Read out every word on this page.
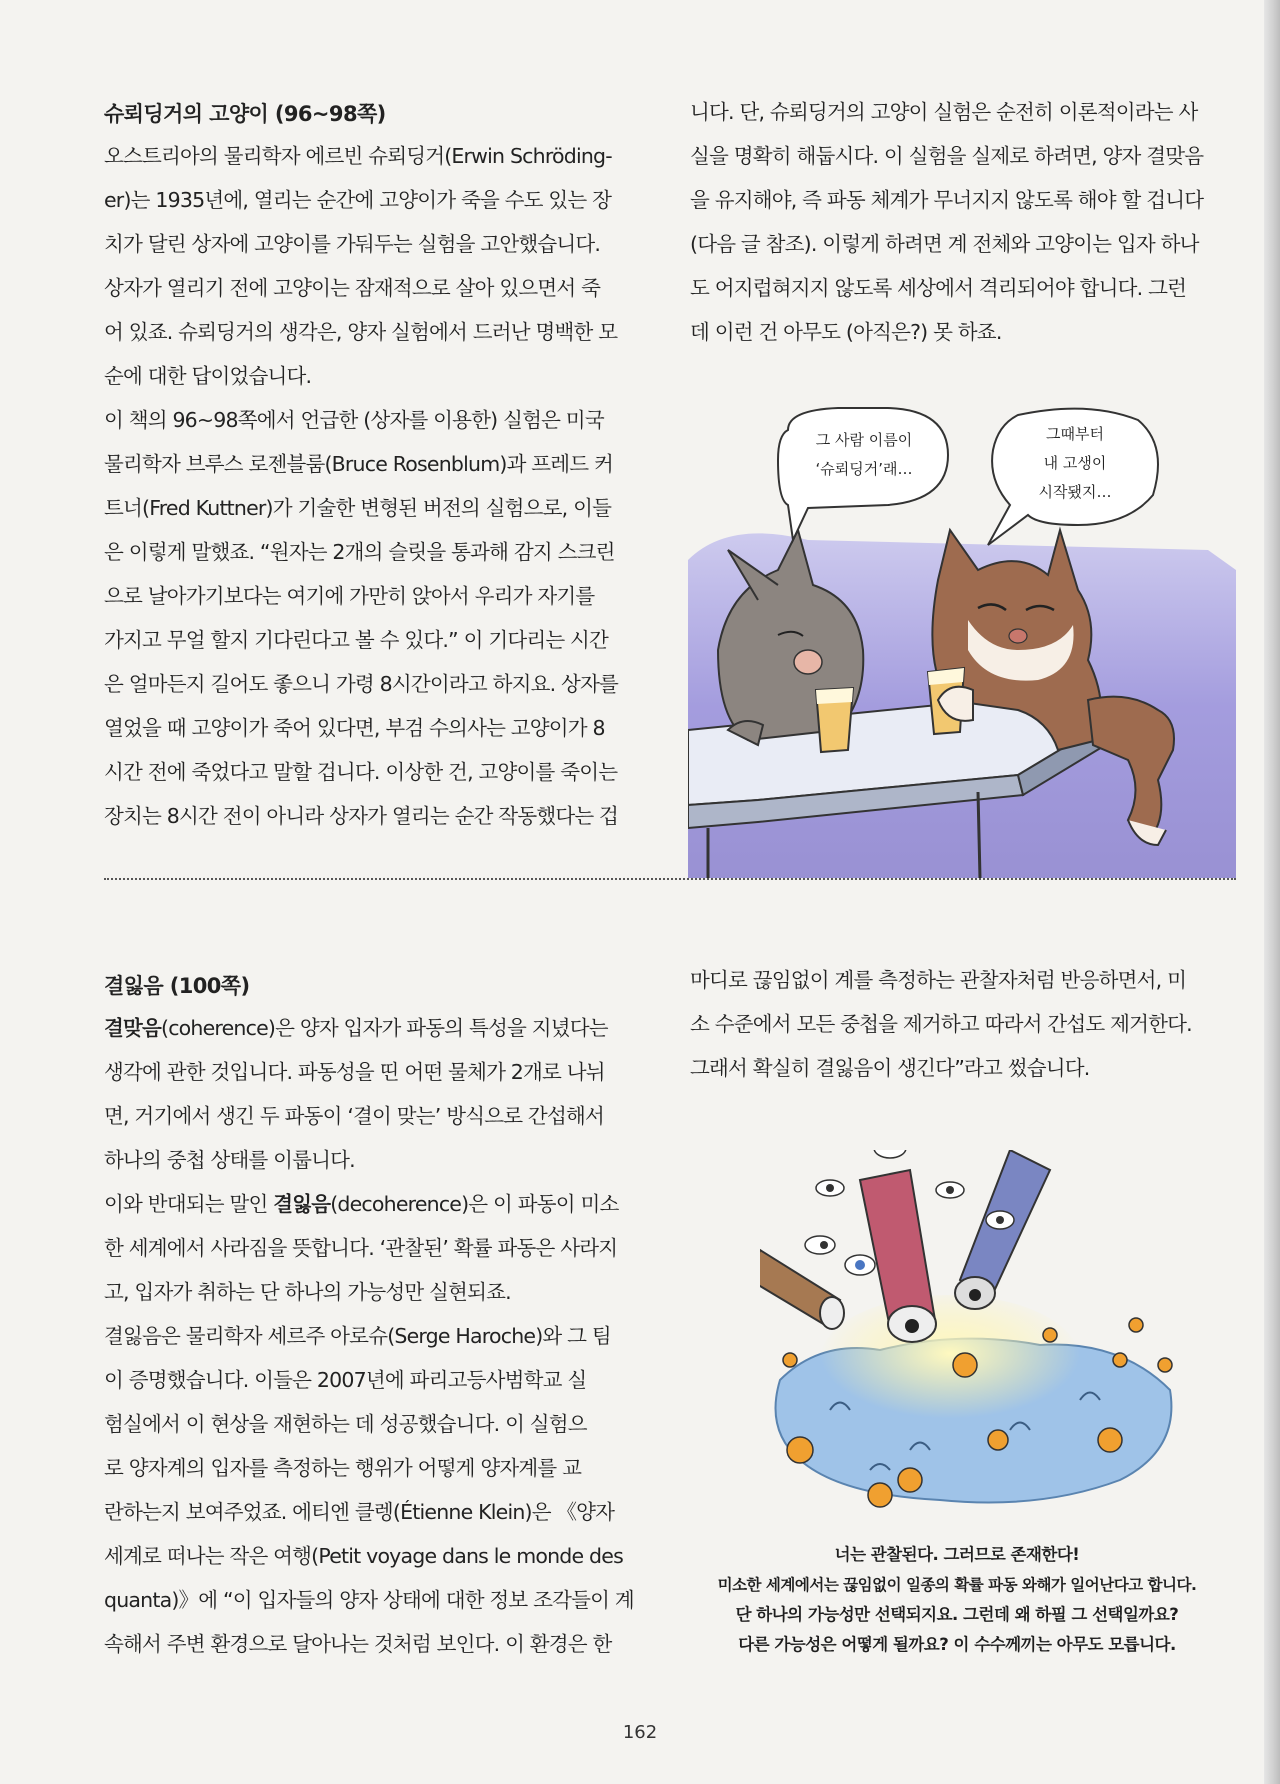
슈뢰딩거의 고양이 (96~98쪽)

오스트리아의 물리학자 에르빈 슈뢰딩거(Erwin Schröding-

er)는 1935년에, 열리는 순간에 고양이가 죽을 수도 있는 장

치가 달린 상자에 고양이를 가둬두는 실험을 고안했습니다.

상자가 열리기 전에 고양이는 잠재적으로 살아 있으면서 죽

어 있죠. 슈뢰딩거의 생각은, 양자 실험에서 드러난 명백한 모

순에 대한 답이었습니다.

이 책의 96~98쪽에서 언급한 (상자를 이용한) 실험은 미국

물리학자 브루스 로젠블룸(Bruce Rosenblum)과 프레드 커

트너(Fred Kuttner)가 기술한 변형된 버전의 실험으로, 이들

은 이렇게 말했죠. “원자는 2개의 슬릿을 통과해 감지 스크린

으로 날아가기보다는 여기에 가만히 앉아서 우리가 자기를

가지고 무얼 할지 기다린다고 볼 수 있다.” 이 기다리는 시간

은 얼마든지 길어도 좋으니 가령 8시간이라고 하지요. 상자를

열었을 때 고양이가 죽어 있다면, 부검 수의사는 고양이가 8

시간 전에 죽었다고 말할 겁니다. 이상한 건, 고양이를 죽이는

장치는 8시간 전이 아니라 상자가 열리는 순간 작동했다는 겁

니다. 단, 슈뢰딩거의 고양이 실험은 순전히 이론적이라는 사

실을 명확히 해둡시다. 이 실험을 실제로 하려면, 양자 결맞음

을 유지해야, 즉 파동 체계가 무너지지 않도록 해야 할 겁니다

(다음 글 참조). 이렇게 하려면 계 전체와 고양이는 입자 하나

도 어지럽혀지지 않도록 세상에서 격리되어야 합니다. 그런

데 이런 건 아무도 (아직은?) 못 하죠.

그 사람 이름이
‘슈뢰딩거’래…
그때부터
내 고생이
시작됐지…

결잃음 (100쪽)

결맞음(coherence)은 양자 입자가 파동의 특성을 지녔다는

생각에 관한 것입니다. 파동성을 띤 어떤 물체가 2개로 나뉘

면, 거기에서 생긴 두 파동이 ‘결이 맞는’ 방식으로 간섭해서

하나의 중첩 상태를 이룹니다.

이와 반대되는 말인 결잃음(decoherence)은 이 파동이 미소

한 세계에서 사라짐을 뜻합니다. ‘관찰된’ 확률 파동은 사라지

고, 입자가 취하는 단 하나의 가능성만 실현되죠.

결잃음은 물리학자 세르주 아로슈(Serge Haroche)와 그 팀

이 증명했습니다. 이들은 2007년에 파리고등사범학교 실

험실에서 이 현상을 재현하는 데 성공했습니다. 이 실험으

로 양자계의 입자를 측정하는 행위가 어떻게 양자계를 교

란하는지 보여주었죠. 에티엔 클렝(Étienne Klein)은 《양자

세계로 떠나는 작은 여행(Petit voyage dans le monde des

quanta)》에 “이 입자들의 양자 상태에 대한 정보 조각들이 계

속해서 주변 환경으로 달아나는 것처럼 보인다. 이 환경은 한

마디로 끊임없이 계를 측정하는 관찰자처럼 반응하면서, 미

소 수준에서 모든 중첩을 제거하고 따라서 간섭도 제거한다.

그래서 확실히 결잃음이 생긴다”라고 썼습니다.

너는 관찰된다. 그러므로 존재한다!
미소한 세계에서는 끊임없이 일종의 확률 파동 와해가 일어난다고 합니다.
단 하나의 가능성만 선택되지요. 그런데 왜 하필 그 선택일까요?
다른 가능성은 어떻게 될까요? 이 수수께끼는 아무도 모릅니다.
162
